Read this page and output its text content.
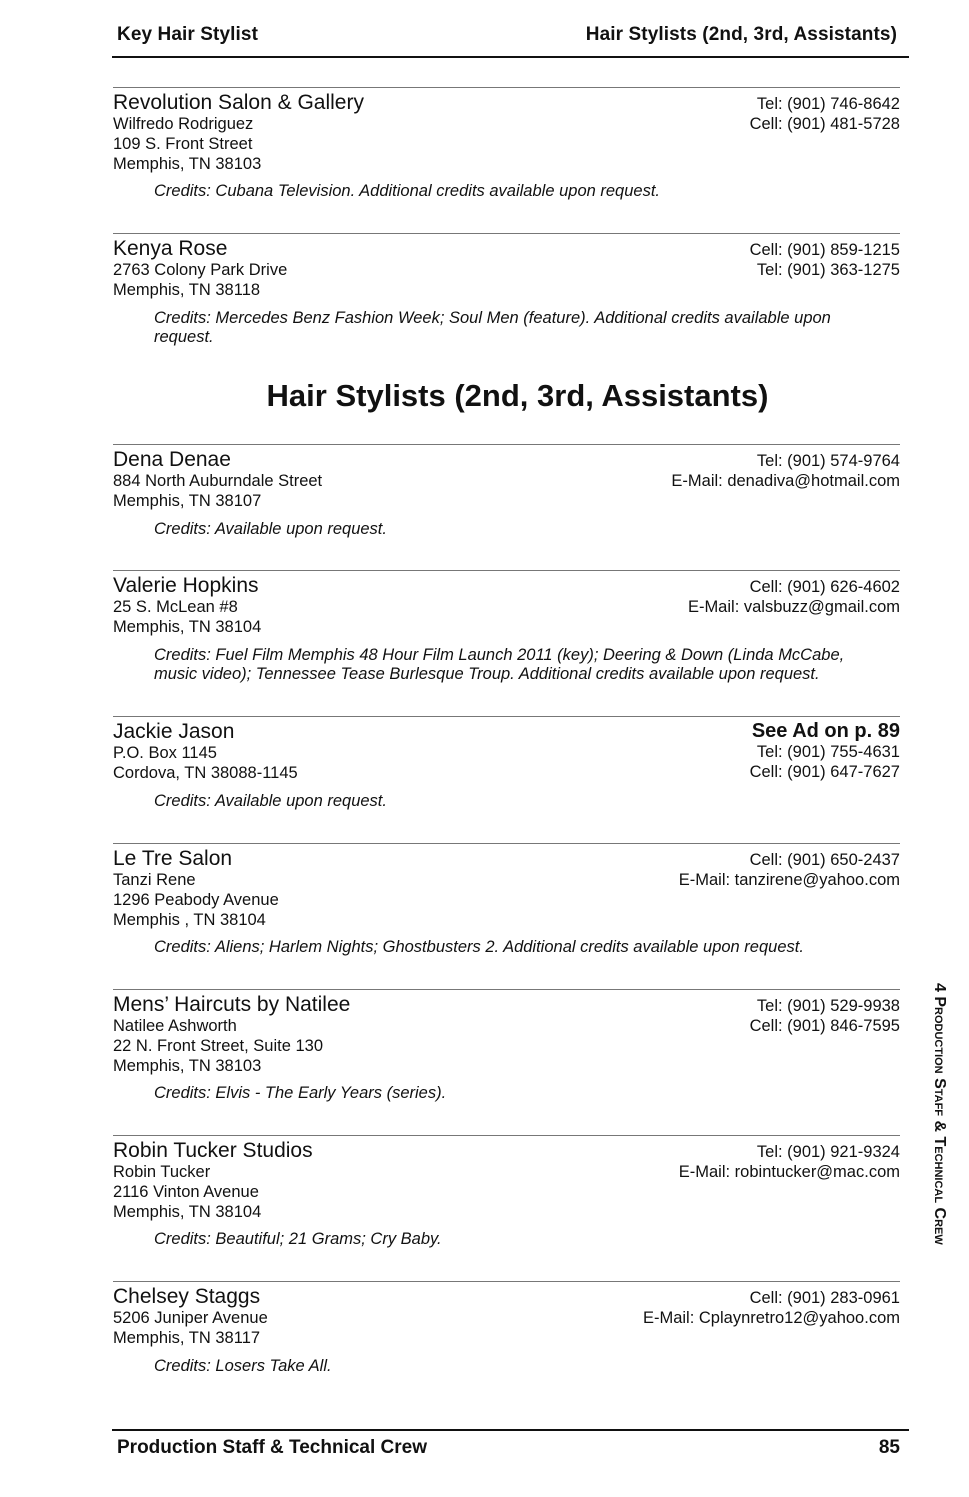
Key Hair Stylist	Hair Stylists (2nd, 3rd, Assistants)
Revolution Salon & Gallery
Wilfredo Rodriguez
109 S. Front Street
Memphis, TN 38103
Tel: (901) 746-8642
Cell: (901) 481-5728
Credits: Cubana Television. Additional credits available upon request.
Kenya Rose
2763 Colony Park Drive
Memphis, TN 38118
Cell: (901) 859-1215
Tel: (901) 363-1275
Credits: Mercedes Benz Fashion Week; Soul Men (feature). Additional credits available upon request.
Hair Stylists (2nd, 3rd, Assistants)
Dena Denae
884 North Auburndale Street
Memphis, TN 38107
Tel: (901) 574-9764
E-Mail: denadiva@hotmail.com
Credits: Available upon request.
Valerie Hopkins
25 S. McLean #8
Memphis, TN 38104
Cell: (901) 626-4602
E-Mail: valsbuzz@gmail.com
Credits: Fuel Film Memphis 48 Hour Film Launch 2011 (key); Deering & Down (Linda McCabe, music video); Tennessee Tease Burlesque Troup. Additional credits available upon request.
Jackie Jason
P.O. Box 1145
Cordova, TN 38088-1145
See Ad on p. 89
Tel: (901) 755-4631
Cell: (901) 647-7627
Credits: Available upon request.
Le Tre Salon
Tanzi Rene
1296 Peabody Avenue
Memphis , TN 38104
Cell: (901) 650-2437
E-Mail: tanzirene@yahoo.com
Credits: Aliens; Harlem Nights; Ghostbusters 2. Additional credits available upon request.
Mens’ Haircuts by Natilee
Natilee Ashworth
22 N. Front Street, Suite 130
Memphis, TN 38103
Tel: (901) 529-9938
Cell: (901) 846-7595
Credits: Elvis - The Early Years (series).
Robin Tucker Studios
Robin Tucker
2116 Vinton Avenue
Memphis, TN 38104
Tel: (901) 921-9324
E-Mail: robintucker@mac.com
Credits: Beautiful; 21 Grams; Cry Baby.
Chelsey Staggs
5206 Juniper Avenue
Memphis, TN 38117
Cell: (901) 283-0961
E-Mail: Cplaynretro12@yahoo.com
Credits: Losers Take All.
4 Production Staff & Technical Crew
Production Staff & Technical Crew	85
